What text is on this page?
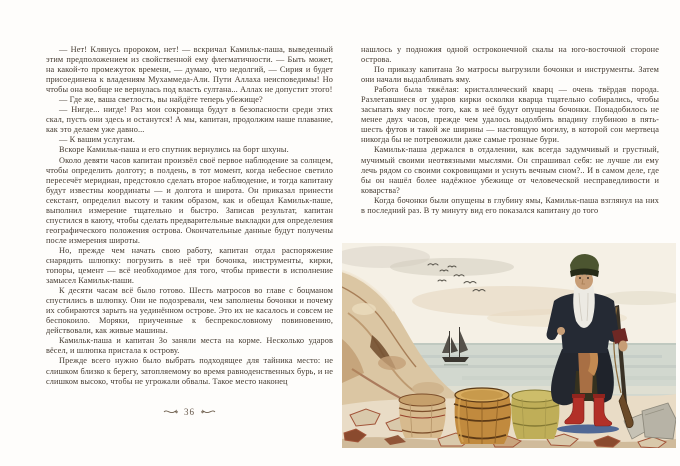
— Нет! Клянусь пророком, нет! — вскричал Камильк-паша, выведенный этим предположением из свойственной ему флегматичности. — Быть может, на какой-то промежуток времени, — думаю, что недолгий, — Сирия и будет присоединена к владениям Мухаммеда-Али. Пути Аллаха неисповедимы! Но чтобы она вообще не вернулась под власть султана... Аллах не допустит этого!

— Где же, ваша светлость, вы найдёте теперь убежище?

— Нигде... нигде! Раз мои сокровища будут в безопасности среди этих скал, пусть они здесь и останутся! А мы, капитан, продолжим наше плавание, как это делаем уже давно...

— К вашим услугам.

Вскоре Камильк-паша и его спутник вернулись на борт шхуны.

Около девяти часов капитан произвёл своё первое наблюдение за солнцем, чтобы определить долготу; в полдень, в тот момент, когда небесное светило пересечёт меридиан, предстояло сделать второе наблюдение, и тогда капитану будут известны координаты — и долгота и широта. Он приказал принести секстант, определил высоту и таким образом, как и обещал Камильк-паше, выполнил измерение тщательно и быстро. Записав результат, капитан спустился в каюту, чтобы сделать предварительные выкладки для определения географического положения острова. Окончательные данные будут получены после измерения широты.

Но, прежде чем начать свою работу, капитан отдал распоряжение снарядить шлюпку: погрузить в неё три бочонка, инструменты, кирки, топоры, цемент — всё необходимое для того, чтобы привести в исполнение замысел Камильк-паши.

К десяти часам всё было готово. Шесть матросов во главе с боцманом спустились в шлюпку. Они не подозревали, чем заполнены бочонки и почему их собираются зарыть на уединённом острове. Это их не касалось и совсем не беспокоило. Моряки, приученные к беспрекословному повиновению, действовали, как живые машины.

Камильк-паша и капитан Зо заняли места на корме. Несколько ударов вёсел, и шлюпка пристала к острову.

Прежде всего нужно было выбрать подходящее для тайника место: не слишком близко к берегу, затопляемому во время равноденственных бурь, и не слишком высоко, чтобы не угрожали обвалы. Такое место наконец

36

нашлось у подножия одной остроконечной скалы на юго-восточной стороне острова.

По приказу капитана Зо матросы выгрузили бочонки и инструменты. Затем они начали выдалбливать яму.

Работа была тяжёлая: кристаллический кварц — очень твёрдая порода. Разлетавшиеся от ударов кирки осколки кварца тщательно собирались, чтобы засыпать яму после того, как в неё будут опущены бочонки. Понадобилось не менее двух часов, прежде чем удалось выдолбить впадину глубиною в пять-шесть футов и такой же ширины — настоящую могилу, в которой сон мертвеца никогда бы не потревожили даже самые грозные бури.

Камильк-паша держался в отдалении, как всегда задумчивый и грустный, мучимый своими неотвязными мыслями. Он спрашивал себя: не лучше ли ему лечь рядом со своими сокровищами и уснуть вечным сном?.. И в самом деле, где бы он нашёл более надёжное убежище от человеческой несправедливости и коварства?

Когда бочонки были опущены в глубину ямы, Камильк-паша взглянул на них в последний раз. В ту минуту вид его показался капитану до того
